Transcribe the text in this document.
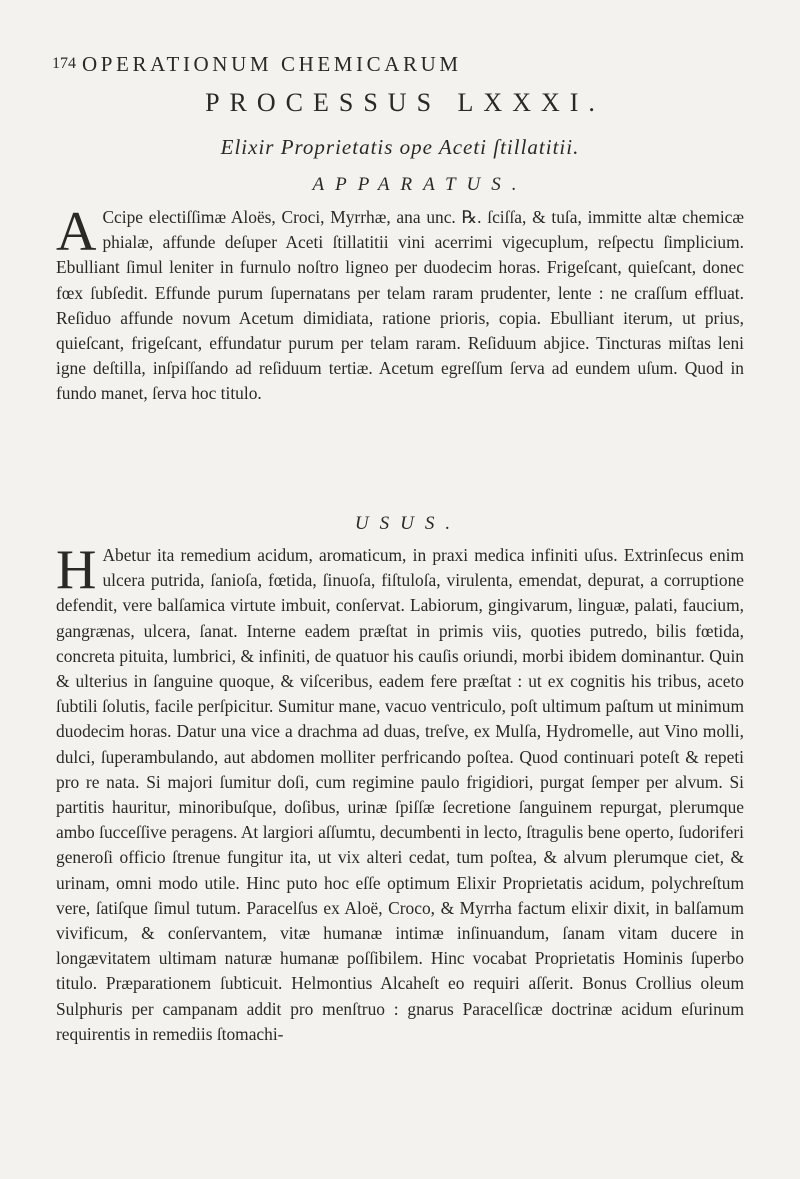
174 OPERATIONUM CHEMICARUM
PROCESSUS LXXXI.
Elixir Proprietatis ope Aceti ſtillatitii.
APPARATUS.
A Ccipe electiſſimæ Aloës, Croci, Myrrhæ, ana unc. ℞. ſciſſa, & tuſa, immitte altæ chemicæ phialæ, affunde deſuper Aceti ſtillatitii vini acerrimi vigecuplum, reſpectu ſimplicium. Ebulliant ſimul leniter in furnulo noſtro ligneo per duodecim horas. Frigeſcant, quieſcant, donec fœx ſubſedit. Effunde purum ſupernatans per telam raram prudenter, lente : ne craſſum effluat. Reſiduo affunde novum Acetum dimidiata, ratione prioris, copia. Ebulliant iterum, ut prius, quieſcant, frigeſcant, effundatur purum per telam raram. Reſiduum abjice. Tincturas miſtas leni igne deſtilla, inſpiſſando ad reſiduum tertiæ. Acetum egreſſum ſerva ad eundem uſum. Quod in fundo manet, ſerva hoc titulo.
USUS.
H Abetur ita remedium acidum, aromaticum, in praxi medica infiniti uſus. Extrinſecus enim ulcera putrida, ſanioſa, fœtida, ſinuoſa, fiſtuloſa, virulenta, emendat, depurat, a corruptione defendit, vere balſamica virtute imbuit, conſervat. Labiorum, gingivarum, linguæ, palati, faucium, gangrænas, ulcera, ſanat. Interne eadem præſtat in primis viis, quoties putredo, bilis fœtida, concreta pituita, lumbrici, & infiniti, de quatuor his cauſis oriundi, morbi ibidem dominantur. Quin & ulterius in ſanguine quoque, & viſceribus, eadem fere præſtat : ut ex cognitis his tribus, aceto ſubtili ſolutis, facile perſpicitur. Sumitur mane, vacuo ventriculo, poſt ultimum paſtum ut minimum duodecim horas. Datur una vice a drachma ad duas, treſve, ex Mulſa, Hydromelle, aut Vino molli, dulci, ſuperambulando, aut abdomen molliter perfricando poſtea. Quod continuari poteſt & repeti pro re nata. Si majori ſumitur doſi, cum regimine paulo frigidiori, purgat ſemper per alvum. Si partitis hauritur, minoribuſque, doſibus, urinæ ſpiſſæ ſecretione ſanguinem repurgat, plerumque ambo ſucceſſive peragens. At largiori aſſumtu, decumbenti in lecto, ſtragulis bene operto, ſudoriferi generoſi officio ſtrenue fungitur ita, ut vix alteri cedat, tum poſtea, & alvum plerumque ciet, & urinam, omni modo utile. Hinc puto hoc eſſe optimum Elixir Proprietatis acidum, polychreſtum vere, ſatiſque ſimul tutum. Paracelſus ex Aloë, Croco, & Myrrha factum elixir dixit, in balſamum vivificum, & conſervantem, vitæ humanæ intimæ inſinuandum, ſanam vitam ducere in longævitatem ultimam naturæ humanæ poſſibilem. Hinc vocabat Proprietatis Hominis ſuperbo titulo. Præparationem ſubticuit. Helmontius Alcaheſt eo requiri aſſerit. Bonus Crollius oleum Sulphuris per campanam addit pro menſtruo : gnarus Paracelſicæ doctrinæ acidum eſurinum requirentis in remediis ſtomachi-
